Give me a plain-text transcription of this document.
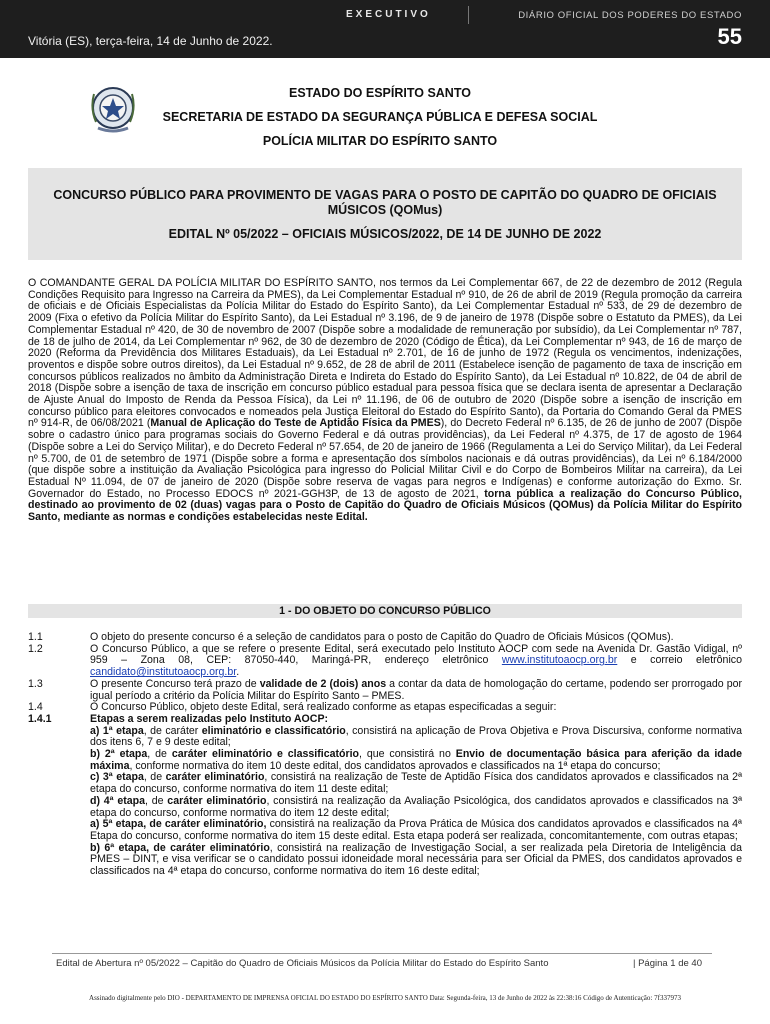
EXECUTIVO	DIÁRIO OFICIAL DOS PODERES DO ESTADO
Vitória (ES), terça-feira, 14 de Junho de 2022.	55
ESTADO DO ESPÍRITO SANTO
SECRETARIA DE ESTADO DA SEGURANÇA PÚBLICA E DEFESA SOCIAL
POLÍCIA MILITAR DO ESPÍRITO SANTO
CONCURSO PÚBLICO PARA PROVIMENTO DE VAGAS PARA O POSTO DE CAPITÃO DO QUADRO DE OFICIAIS MÚSICOS (QOMus)
EDITAL Nº 05/2022 – OFICIAIS MÚSICOS/2022, DE 14 DE JUNHO DE 2022
O COMANDANTE GERAL DA POLÍCIA MILITAR DO ESPÍRITO SANTO, nos termos da Lei Complementar 667, de 22 de dezembro de 2012 (Regula Condições Requisito para Ingresso na Carreira da PMES), da Lei Complementar Estadual nº 910, de 26 de abril de 2019 (Regula promoção da carreira de oficiais e de Oficiais Especialistas da Polícia Militar do Estado do Espírito Santo), da Lei Complementar Estadual nº 533, de 29 de dezembro de 2009 (Fixa o efetivo da Polícia Militar do Espírito Santo), da Lei Estadual nº 3.196, de 9 de janeiro de 1978 (Dispõe sobre o Estatuto da PMES), da Lei Complementar Estadual nº 420, de 30 de novembro de 2007 (Dispõe sobre a modalidade de remuneração por subsídio), da Lei Complementar nº 787, de 18 de julho de 2014, da Lei Complementar nº 962, de 30 de dezembro de 2020 (Código de Ética), da Lei Complementar nº 943, de 16 de março de 2020 (Reforma da Previdência dos Militares Estaduais), da Lei Estadual nº 2.701, de 16 de junho de 1972 (Regula os vencimentos, indenizações, proventos e dispõe sobre outros direitos), da Lei Estadual nº 9.652, de 28 de abril de 2011 (Estabelece isenção de pagamento de taxa de inscrição em concursos públicos realizados no âmbito da Administração Direta e Indireta do Estado do Espírito Santo), da Lei Estadual nº 10.822, de 04 de abril de 2018 (Dispõe sobre a isenção de taxa de inscrição em concurso público estadual para pessoa física que se declara isenta de apresentar a Declaração de Ajuste Anual do Imposto de Renda da Pessoa Física), da Lei nº 11.196, de 06 de outubro de 2020 (Dispõe sobre a isenção de inscrição em concurso público para eleitores convocados e nomeados pela Justiça Eleitoral do Estado do Espírito Santo), da Portaria do Comando Geral da PMES nº 914-R, de 06/08/2021 (Manual de Aplicação do Teste de Aptidão Física da PMES), do Decreto Federal nº 6.135, de 26 de junho de 2007 (Dispõe sobre o cadastro único para programas sociais do Governo Federal e dá outras providências), da Lei Federal nº 4.375, de 17 de agosto de 1964 (Dispõe sobre a Lei do Serviço Militar), e do Decreto Federal nº 57.654, de 20 de janeiro de 1966 (Regulamenta a Lei do Serviço Militar), da Lei Federal nº 5.700, de 01 de setembro de 1971 (Dispõe sobre a forma e apresentação dos símbolos nacionais e dá outras providências), da Lei nº 6.184/2000 (que dispõe sobre a instituição da Avaliação Psicológica para ingresso do Policial Militar Civil e do Corpo de Bombeiros Militar na carreira), da Lei Estadual Nº 11.094, de 07 de janeiro de 2020 (Dispõe sobre reserva de vagas para negros e Indígenas) e conforme autorização do Exmo. Sr. Governador do Estado, no Processo EDOCS nº 2021-GGH3P, de 13 de agosto de 2021, torna pública a realização do Concurso Público, destinado ao provimento de 02 (duas) vagas para o Posto de Capitão do Quadro de Oficiais Músicos (QOMus) da Polícia Militar do Espírito Santo, mediante as normas e condições estabelecidas neste Edital.
1 - DO OBJETO DO CONCURSO PÚBLICO
1.1	O objeto do presente concurso é a seleção de candidatos para o posto de Capitão do Quadro de Oficiais Músicos (QOMus).
1.2	O Concurso Público, a que se refere o presente Edital, será executado pelo Instituto AOCP com sede na Avenida Dr. Gastão Vidigal, nº 959 – Zona 08, CEP: 87050-440, Maringá-PR, endereço eletrônico www.institutoaocp.org.br e correio eletrônico candidato@institutoaocp.org.br.
1.3	O presente Concurso terá prazo de validade de 2 (dois) anos a contar da data de homologação do certame, podendo ser prorrogado por igual período a critério da Polícia Militar do Espírito Santo – PMES.
1.4	O Concurso Público, objeto deste Edital, será realizado conforme as etapas especificadas a seguir:
1.4.1	Etapas a serem realizadas pelo Instituto AOCP:
a) 1ª etapa, de caráter eliminatório e classificatório, consistirá na aplicação de Prova Objetiva e Prova Discursiva, conforme normativa dos itens 6, 7 e 9 deste edital;
b) 2ª etapa, de caráter eliminatório e classificatório, que consistirá no Envio de documentação básica para aferição da idade máxima, conforme normativa do item 10 deste edital, dos candidatos aprovados e classificados na 1ª etapa do concurso;
c) 3ª etapa, de caráter eliminatório, consistirá na realização de Teste de Aptidão Física dos candidatos aprovados e classificados na 2ª etapa do concurso, conforme normativa do item 11 deste edital;
d) 4ª etapa, de caráter eliminatório, consistirá na realização da Avaliação Psicológica, dos candidatos aprovados e classificados na 3ª etapa do concurso, conforme normativa do item 12 deste edital;
a) 5ª etapa, de caráter eliminatório, consistirá na realização da Prova Prática de Música dos candidatos aprovados e classificados na 4ª Etapa do concurso, conforme normativa do item 15 deste edital. Esta etapa poderá ser realizada, concomitantemente, com outras etapas;
b) 6ª etapa, de caráter eliminatório, consistirá na realização de Investigação Social, a ser realizada pela Diretoria de Inteligência da PMES – DINT, e visa verificar se o candidato possui idoneidade moral necessária para ser Oficial da PMES, dos candidatos aprovados e classificados na 4ª etapa do concurso, conforme normativa do item 16 deste edital;
Edital de Abertura nº 05/2022 – Capitão do Quadro de Oficiais Músicos da Polícia Militar do Estado do Espírito Santo	| Página 1 de 40
Assinado digitalmente pelo DIO - DEPARTAMENTO DE IMPRENSA OFICIAL DO ESTADO DO ESPÍRITO SANTO Data: Segunda-feira, 13 de Junho de 2022 às 22:38:16 Código de Autenticação: 7f337973
